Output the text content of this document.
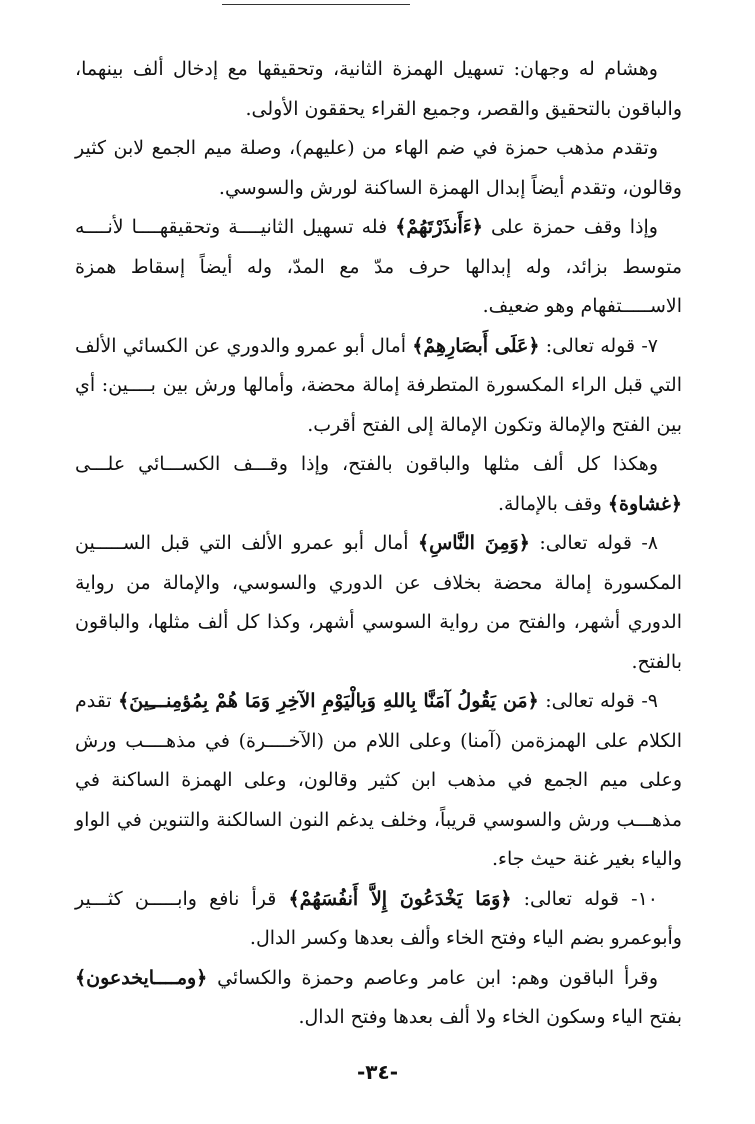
وهشام له وجهان: تسهيل الهمزة الثانية، وتحقيقها مع إدخال ألف بينهما، والباقون بالتحقيق والقصر، وجميع القراء يحققون الأولى.

وتقدم مذهب حمزة في ضم الهاء من (عليهم)، وصلة ميم الجمع لابن كثير وقالون، وتقدم أيضاً إبدال الهمزة الساكنة لورش والسوسي.

وإذا وقف حمزة على ﴿ءَأَنذَرْتَهُمْ﴾ فله تسهيل الثانيــــة وتحقيقهــــا لأنــــه متوسط بزائد، وله إبدالها حرف مدّ مع المدّ، وله أيضاً إسقاط همزة الاســـــتفهام وهو ضعيف.

٧- قوله تعالى: ﴿عَلَى أَبصَارِهِمْ﴾ أمال أبو عمرو والدوري عن الكسائي الألف التي قبل الراء المكسورة المتطرفة إمالة محضة، وأمالها ورش بين بــــين: أي بين الفتح والإمالة وتكون الإمالة إلى الفتح أقرب.

وهكذا كل ألف مثلها والباقون بالفتح، وإذا وقـــف الكســـائي علـــى ﴿غشاوة﴾ وقف بالإمالة.

٨- قوله تعالى: ﴿وَمِنَ النَّاسِ﴾ أمال أبو عمرو الألف التي قبل الســـــين المكسورة إمالة محضة بخلاف عن الدوري والسوسي، والإمالة من رواية الدوري أشهر، والفتح من رواية السوسي أشهر، وكذا كل ألف مثلها، والباقون بالفتح.

٩- قوله تعالى: ﴿مَن يَقُولُ آمَنَّا بِاللهِ وَبِالْيَوْمِ الآخِرِ وَمَا هُمْ بِمُؤمِنـــِينَ﴾ تقدم الكلام على الهمزةمن (آمنا) وعلى اللام من (الآخــــرة) في مذهــــب ورش وعلى ميم الجمع في مذهب ابن كثير وقالون، وعلى الهمزة الساكنة في مذهـــب ورش والسوسي قريباً، وخلف يدغم النون السالكنة والتنوين في الواو والياء بغير غنة حيث جاء.

١٠- قوله تعالى: ﴿وَمَا يَخْدَعُونَ إِلاَّ أَنفُسَهُمْ﴾ قرأ نافع وابـــــن كثـــير وأبوعمرو بضم الياء وفتح الخاء وألف بعدها وكسر الدال.

وقرأ الباقون وهم: ابن عامر وعاصم وحمزة والكسائي ﴿ومــــايخدعون﴾ بفتح الياء وسكون الخاء ولا ألف بعدها وفتح الدال.

-٣٤-
